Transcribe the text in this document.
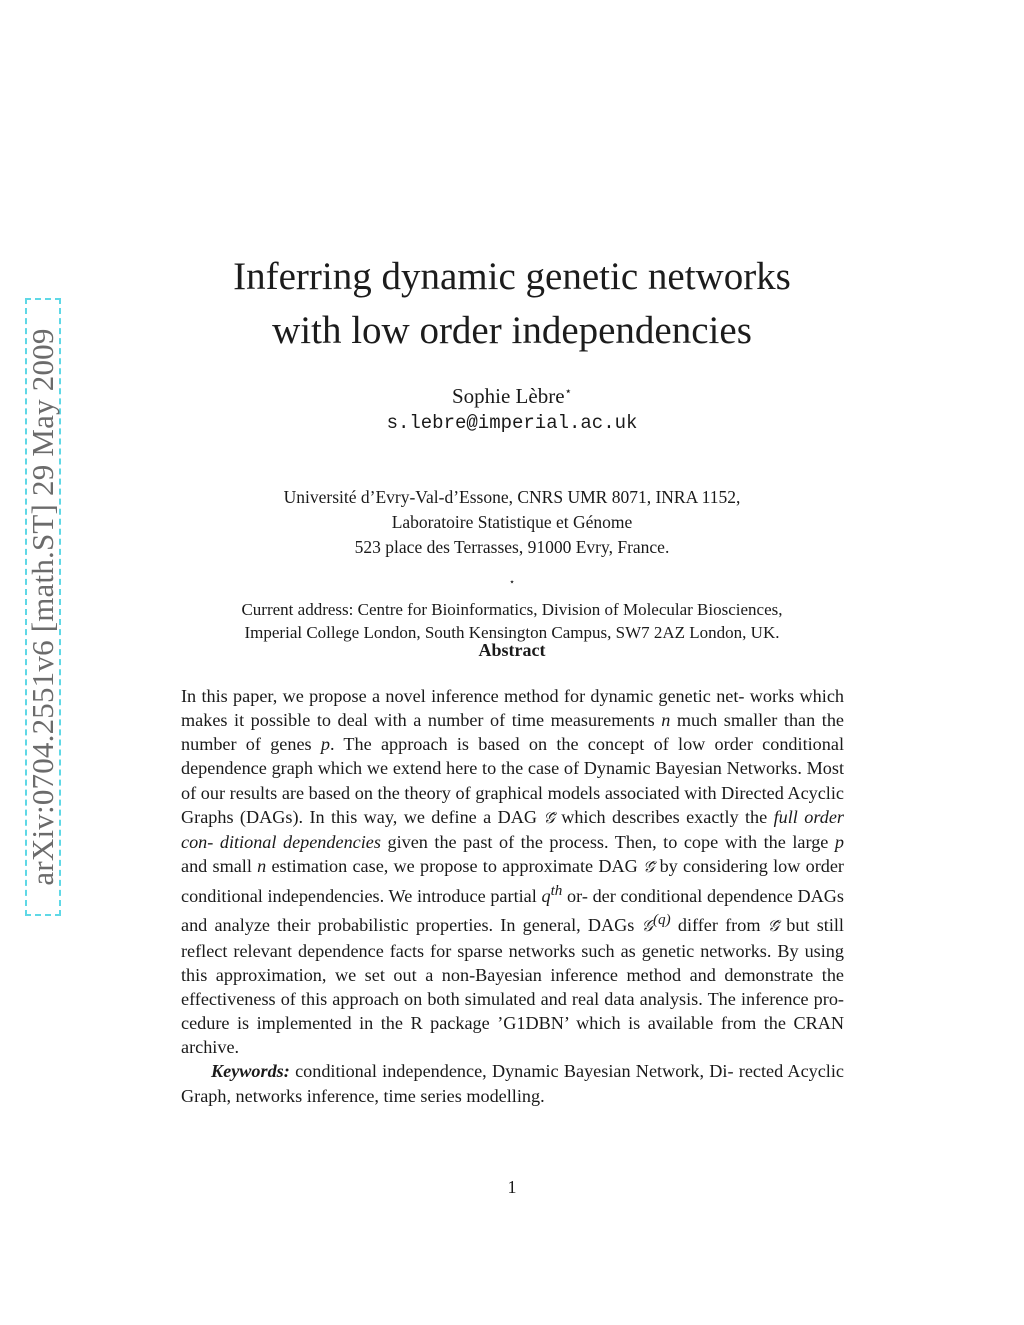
arXiv:0704.2551v6 [math.ST] 29 May 2009
Inferring dynamic genetic networks
with low order independencies
Sophie Lèbre⋆
s.lebre@imperial.ac.uk
Université d’Evry-Val-d’Essone, CNRS UMR 8071, INRA 1152,
Laboratoire Statistique et Génome
523 place des Terrasses, 91000 Evry, France.
⋆
Current address: Centre for Bioinformatics, Division of Molecular Biosciences,
Imperial College London, South Kensington Campus, SW7 2AZ London, UK.
Abstract

In this paper, we propose a novel inference method for dynamic genetic net- works which makes it possible to deal with a number of time measurements n much smaller than the number of genes p. The approach is based on the concept of low order conditional dependence graph which we extend here to the case of Dynamic Bayesian Networks. Most of our results are based on the theory of graphical models associated with Directed Acyclic Graphs (DAGs). In this way, we define a DAG 𝒢̃ which describes exactly the full order con- ditional dependencies given the past of the process. Then, to cope with the large p and small n estimation case, we propose to approximate DAG 𝒢̃ by considering low order conditional independencies. We introduce partial $q^{th}$ or- der conditional dependence DAGs and analyze their probabilistic properties. In general, DAGs 𝒢$^{(q)}$ differ from 𝒢̃ but still reflect relevant dependence facts for sparse networks such as genetic networks. By using this approximation, we set out a non-Bayesian inference method and demonstrate the effectiveness of this approach on both simulated and real data analysis. The inference pro- cedure is implemented in the R package ’G1DBN’ which is available from the CRAN archive.

Keywords: conditional independence, Dynamic Bayesian Network, Di- rected Acyclic Graph, networks inference, time series modelling.

1
